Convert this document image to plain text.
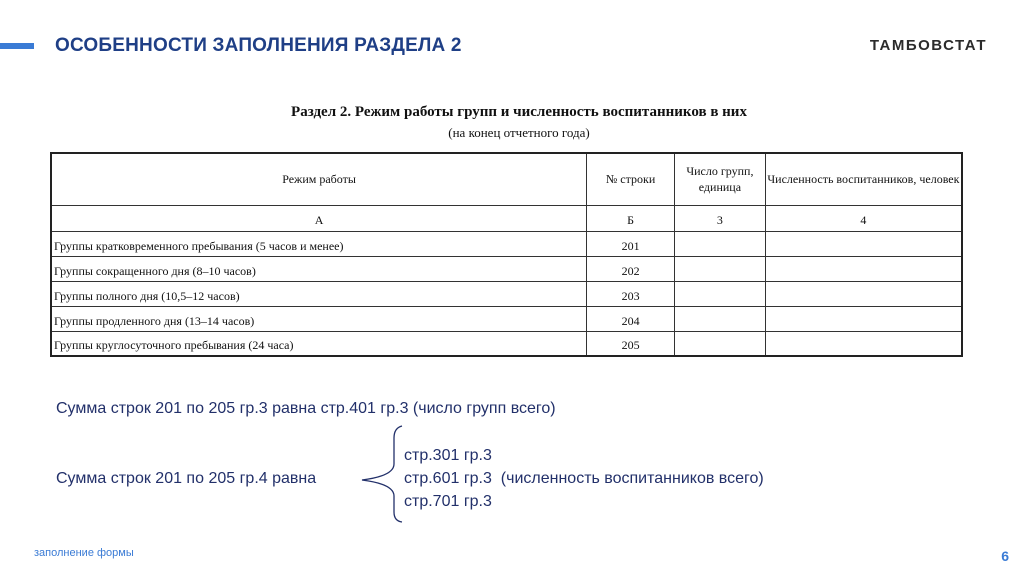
ОСОБЕННОСТИ ЗАПОЛНЕНИЯ РАЗДЕЛА 2	ТАМБОВСТАТ
Раздел 2. Режим работы групп и численность воспитанников в них
(на конец отчетного года)
Режим работы	№ строки	Число групп, единица	Численность воспитанников, человек
А	Б	3	4
Группы кратковременного пребывания (5 часов и менее)	201		
Группы сокращенного дня (8–10 часов)	202		
Группы полного дня (10,5–12 часов)	203		
Группы продленного дня (13–14 часов)	204		
Группы круглосуточного пребывания (24 часа)	205		
Сумма строк 201 по 205 гр.3 равна стр.401 гр.3 (число групп всего)
Сумма строк 201 по 205 гр.4 равна
стр.301 гр.3
стр.601 гр.3  (численность воспитанников всего)
стр.701 гр.3
заполнение формы	6
